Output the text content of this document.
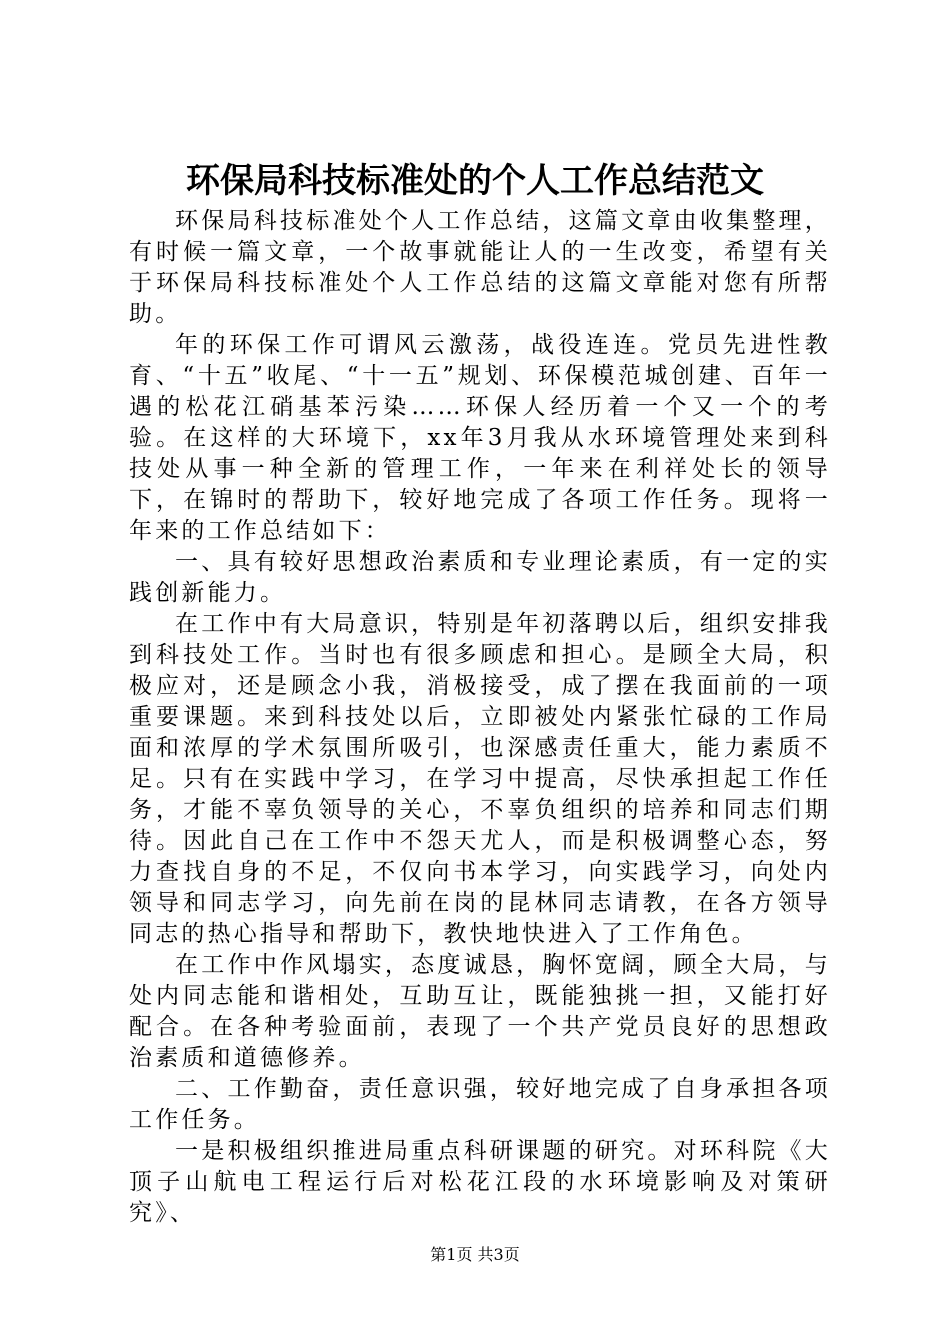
环保局科技标准处的个人工作总结范文

环保局科技标准处个人工作总结，这篇文章由收集整理，有时候一篇文章，一个故事就能让人的一生改变，希望有关于环保局科技标准处个人工作总结的这篇文章能对您有所帮助。

年的环保工作可谓风云激荡，战役连连。党员先进性教育、“十五”收尾、“十一五”规划、环保模范城创建、百年一遇的松花江硝基苯污染……环保人经历着一个又一个的考验。在这样的大环境下，xx年3月我从水环境管理处来到科技处从事一种全新的管理工作，一年来在利祥处长的领导下，在锦时的帮助下，较好地完成了各项工作任务。现将一年来的工作总结如下：

一、具有较好思想政治素质和专业理论素质，有一定的实践创新能力。

在工作中有大局意识，特别是年初落聘以后，组织安排我到科技处工作。当时也有很多顾虑和担心。是顾全大局，积极应对，还是顾念小我，消极接受，成了摆在我面前的一项重要课题。来到科技处以后，立即被处内紧张忙碌的工作局面和浓厚的学术氛围所吸引，也深感责任重大，能力素质不足。只有在实践中学习，在学习中提高，尽快承担起工作任务，才能不辜负领导的关心，不辜负组织的培养和同志们期待。因此自己在工作中不怨天尤人，而是积极调整心态，努力查找自身的不足，不仅向书本学习，向实践学习，向处内领导和同志学习，向先前在岗的昆林同志请教，在各方领导同志的热心指导和帮助下，教快地快进入了工作角色。

在工作中作风塌实，态度诚恳，胸怀宽阔，顾全大局，与处内同志能和谐相处，互助互让，既能独挑一担，又能打好配合。在各种考验面前，表现了一个共产党员良好的思想政治素质和道德修养。

二、工作勤奋，责任意识强，较好地完成了自身承担各项工作任务。

一是积极组织推进局重点科研课题的研究。对环科院《大顶子山航电工程运行后对松花江段的水环境影响及对策研究》、

第1页 共3页
